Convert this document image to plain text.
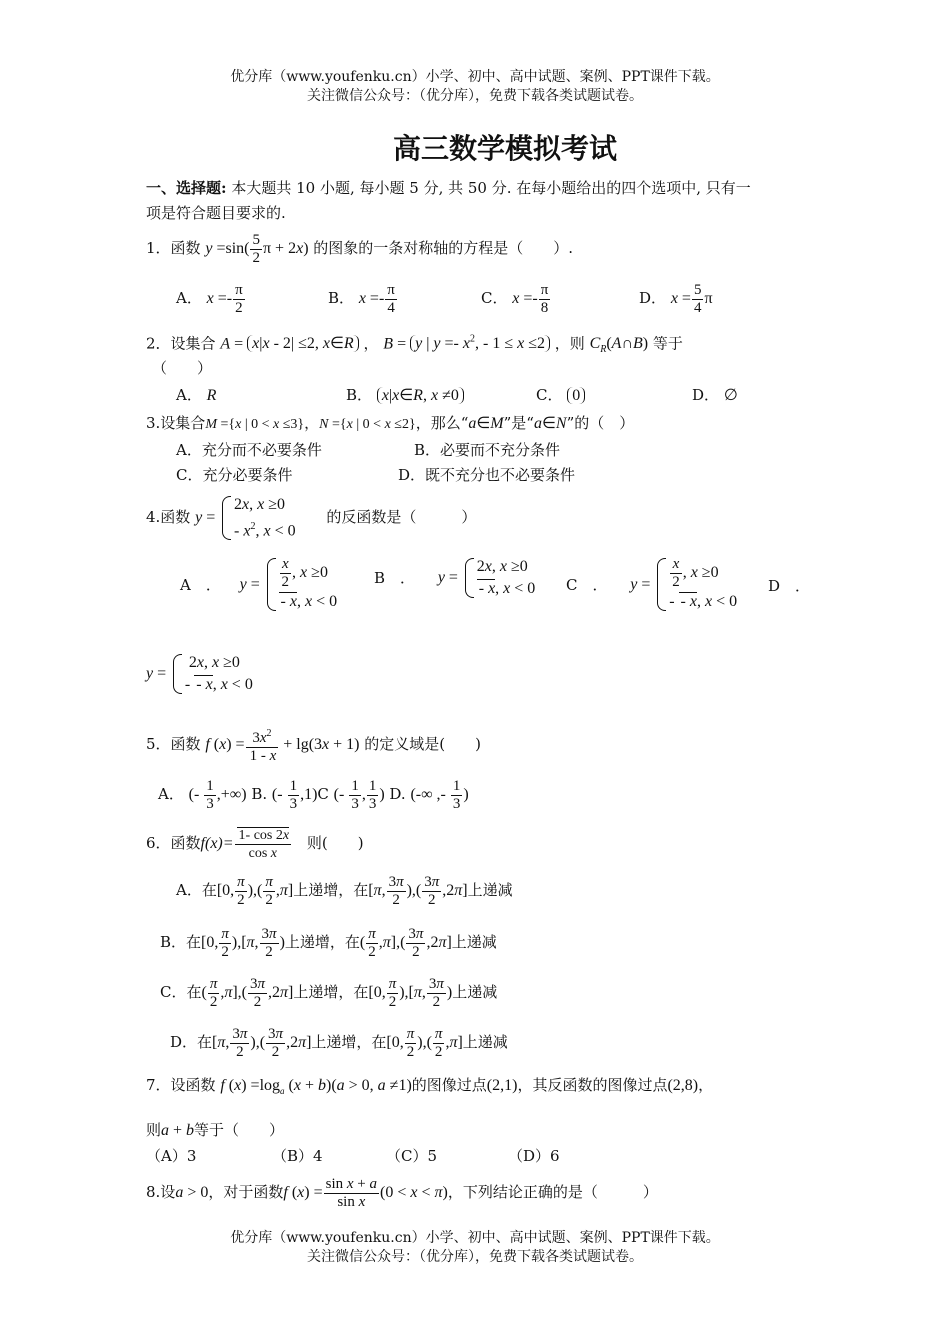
优分库（www.youfenku.cn）小学、初中、高中试题、案例、PPT课件下载。
关注微信公众号：（优分库），免费下载各类试题试卷。
高三数学模拟考试
一、选择题: 本大题共 10 小题, 每小题 5 分, 共 50 分. 在每小题给出的四个选项中, 只有一
项是符合题目要求的.
1．函数 $y =\sin( \frac{5}{2}$ π + 2x) 的图象的一条对称轴的方程是（　　）.
A． $x =- \frac{\pi}{2}$	B． $x =- \frac{\pi}{4}$	C． $x =- \frac{\pi}{8}$	D． $x = \frac{5}{4}$ π
2．设集合 A = x|x - 2| ≤2, x∈R ， B = y | $y =- x^2$, - 1 ≤ x ≤2 ，则 $C_R(A\cap B)$ 等于
（　　）
A． R	B． x|x∈R, x ≠0	C． 0	D． ∅
3.设集合M ={x | 0 < x ≤3}，N ={x | 0 < x ≤2}，那么“a∈M”是“a∈N”的（　）
A．充分而不必要条件	B．必要而不充分条件
C．充分必要条件	D．既不充分也不必要条件
4.函数 y =
2x, x ≥0
- $x^2$, x < 0
的反函数是（　　　）
A　． $y = \frac{x}{2}$ , x ≥0
- x, x < 0
B　． y =
2x, x ≥0
- x, x < 0 C　． $y = \frac{x}{2}$ , x ≥0
- - x, x < 0
D　．
y =
2x, x ≥0
- - x, x < 0
5．函数 f $(x) = \frac{3x^2}{1 - x} + \lg(3x + 1)$ 的定义域是(　　)
A． (- $\frac{1}{3}$ ,+∞) B. (- $\frac{1}{3} ,1)C$ (- $\frac{1}{3}$ , $\frac{1}{3}$ ) D. (-∞ ,- $\frac{1}{3}$ )
6．函数$f(x)= \frac{1- \cos 2x}{\text{cos x}}$ 则(　　)
A．在[0, $\frac{\pi}{2}$ ),( $\frac{\pi}{2} ,\pi$]上递增，在[π, $\frac{3\pi}{2}$ ),( $\frac{3\pi}{2} ,2\pi$]上递减
B．在[0, $\frac{\pi}{2} ),[\pi$, $\frac{3\pi}{2}$ )上递增，在( $\frac{\pi}{2} ,\pi],( \frac{3\pi}{2} ,2\pi]$上递减
C．在( $\frac{\pi}{2} ,\pi],( \frac{3\pi}{2} ,2\pi]$上递增，在[0, $\frac{\pi}{2} ),[\pi$, $\frac{3\pi}{2}$ )上递减
D．在[π, $\frac{3\pi}{2}$ ),( $\frac{3\pi}{2} ,2\pi$]上递增，在[0, $\frac{\pi}{2}$ ),( $\frac{\pi}{2} ,\pi$]上递减
7．设函数 f $(x) =\log_a$ (x + b)(a > 0, a ≠1)的图像过点(2,1)，其反函数的图像过点(2,8)，
则a + b等于（　　）
（A）3	（B）4	（C）5	（D）6
8.设a > 0，对于函数f $(x) = \frac{\text{sin x + a}}{\text{sin x}} (0 < x < \pi)$，下列结论正确的是（　　　）
优分库（www.youfenku.cn）小学、初中、高中试题、案例、PPT课件下载。
关注微信公众号：（优分库），免费下载各类试题试卷。
